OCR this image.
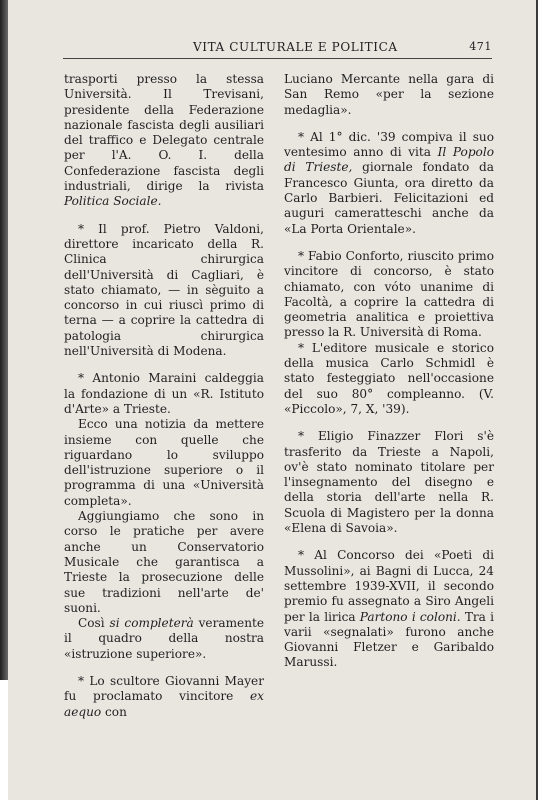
VITA CULTURALE E POLITICA	471

trasporti presso la stessa Università. Il Trevisani, presidente della Federazione nazionale fascista degli ausiliari del traffico e Delegato centrale per l'A. O. I. della Confederazione fascista degli industriali, dirige la rivista Politica Sociale.

* Il prof. Pietro Valdoni, direttore incaricato della R. Clinica chirurgica dell'Università di Cagliari, è stato chiamato, — in sèguito a concorso in cui riuscì primo di terna — a coprire la cattedra di patologia chirurgica nell'Università di Modena.

* Antonio Maraini caldeggia la fondazione di un «R. Istituto d'Arte» a Trieste.

Ecco una notizia da mettere insieme con quelle che riguardano lo sviluppo dell'istruzione superiore o il programma di una «Università completa».

Aggiungiamo che sono in corso le pratiche per avere anche un Conservatorio Musicale che garantisca a Trieste la prosecuzione delle sue tradizioni nell'arte de' suoni.

Così si completerà veramente il quadro della nostra «istruzione superiore».

* Lo scultore Giovanni Mayer fu proclamato vincitore ex aequo con

Luciano Mercante nella gara di San Remo «per la sezione medaglia».

* Al 1° dic. '39 compiva il suo ventesimo anno di vita Il Popolo di Trieste, giornale fondato da Francesco Giunta, ora diretto da Carlo Barbieri. Felicitazioni ed auguri cameratteschi anche da «La Porta Orientale».

* Fabio Conforto, riuscito primo vincitore di concorso, è stato chiamato, con vóto unanime di Facoltà, a coprire la cattedra di geometria analitica e proiettiva presso la R. Università di Roma.

* L'editore musicale e storico della musica Carlo Schmidl è stato festeggiato nell'occasione del suo 80° compleanno. (V. «Piccolo», 7, X, '39).

* Eligio Finazzer Flori s'è trasferito da Trieste a Napoli, ov'è stato nominato titolare per l'insegnamento del disegno e della storia dell'arte nella R. Scuola di Magistero per la donna «Elena di Savoia».

* Al Concorso dei «Poeti di Mussolini», ai Bagni di Lucca, 24 settembre 1939-XVII, il secondo premio fu assegnato a Siro Angeli per la lirica Partono i coloni. Tra i varii «segnalati» furono anche Giovanni Fletzer e Garibaldo Marussi.
